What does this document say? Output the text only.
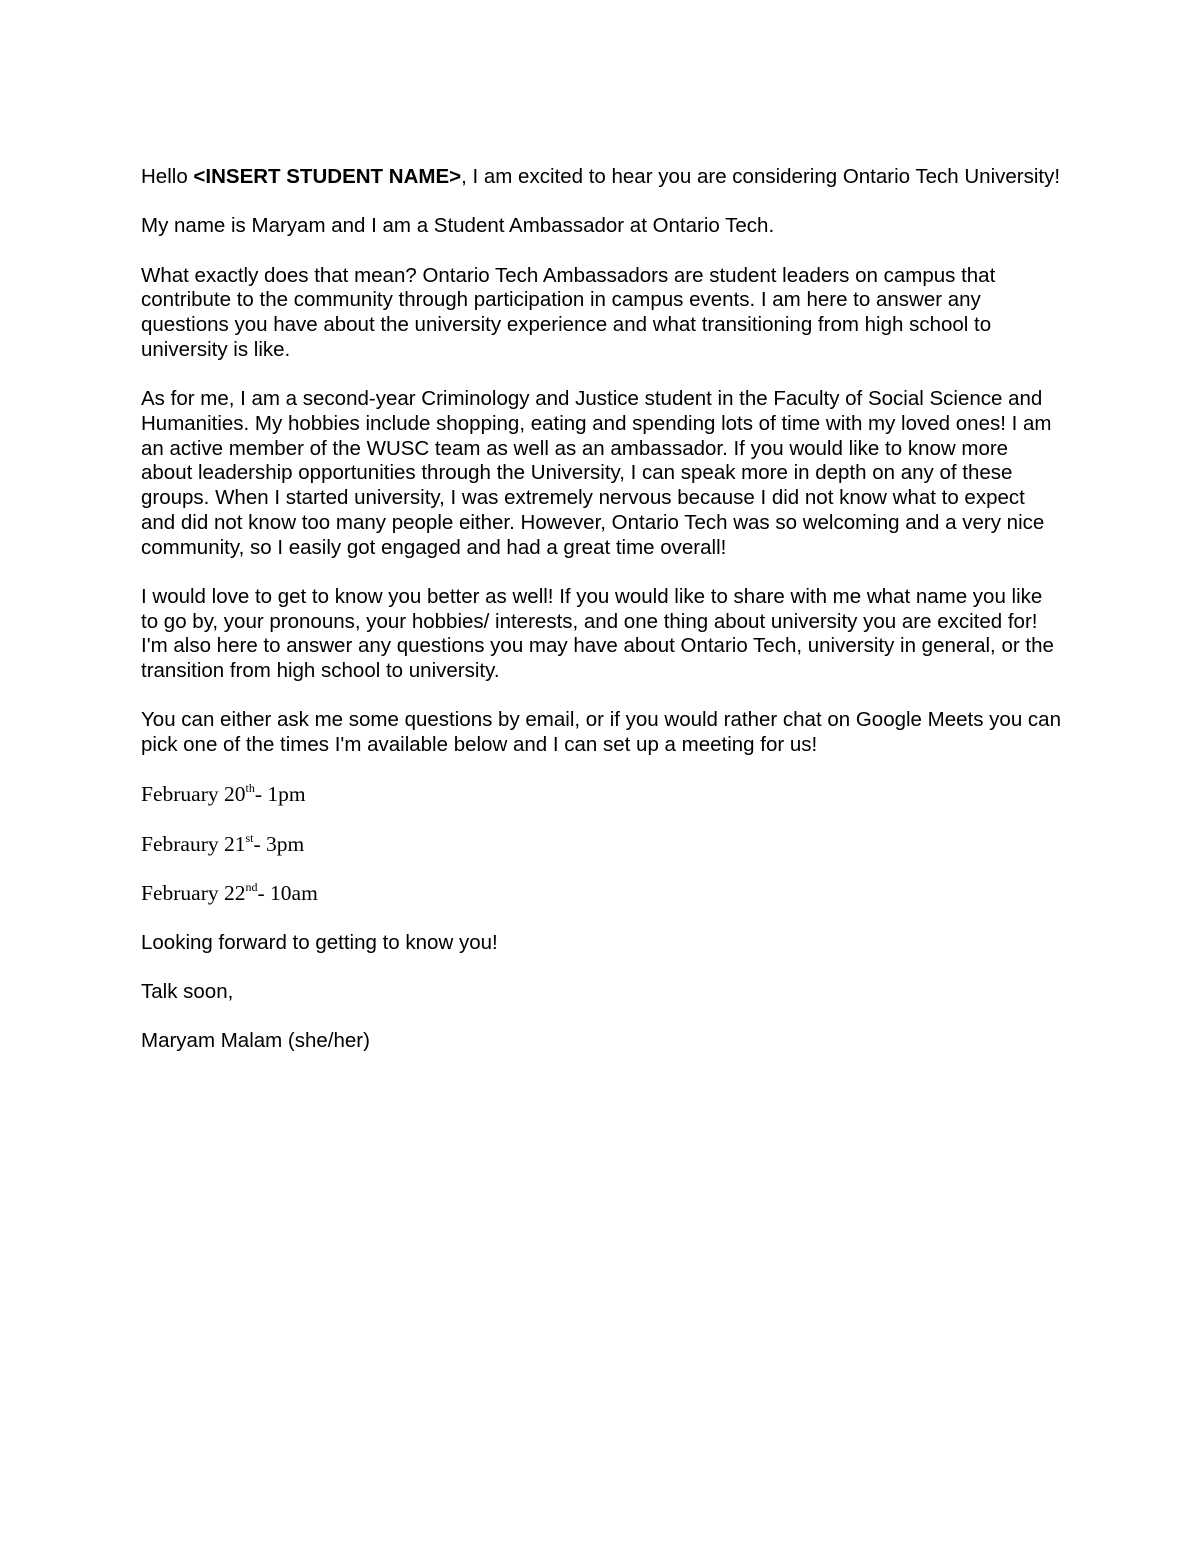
Hello <INSERT STUDENT NAME>, I am excited to hear you are considering Ontario Tech University!

My name is Maryam and I am a Student Ambassador at Ontario Tech.

What exactly does that mean? Ontario Tech Ambassadors are student leaders on campus that contribute to the community through participation in campus events. I am here to answer any questions you have about the university experience and what transitioning from high school to university is like.

As for me, I am a second-year Criminology and Justice student in the Faculty of Social Science and Humanities. My hobbies include shopping, eating and spending lots of time with my loved ones! I am an active member of the WUSC team as well as an ambassador. If you would like to know more about leadership opportunities through the University, I can speak more in depth on any of these groups. When I started university, I was extremely nervous because I did not know what to expect and did not know too many people either. However, Ontario Tech was so welcoming and a very nice community, so I easily got engaged and had a great time overall!

I would love to get to know you better as well! If you would like to share with me what name you like to go by, your pronouns, your hobbies/ interests, and one thing about university you are excited for! I'm also here to answer any questions you may have about Ontario Tech, university in general, or the transition from high school to university.

You can either ask me some questions by email, or if you would rather chat on Google Meets you can pick one of the times I'm available below and I can set up a meeting for us!

February 20th- 1pm

Febraury 21st- 3pm

February 22nd- 10am

Looking forward to getting to know you!

Talk soon,

Maryam Malam (she/her)
